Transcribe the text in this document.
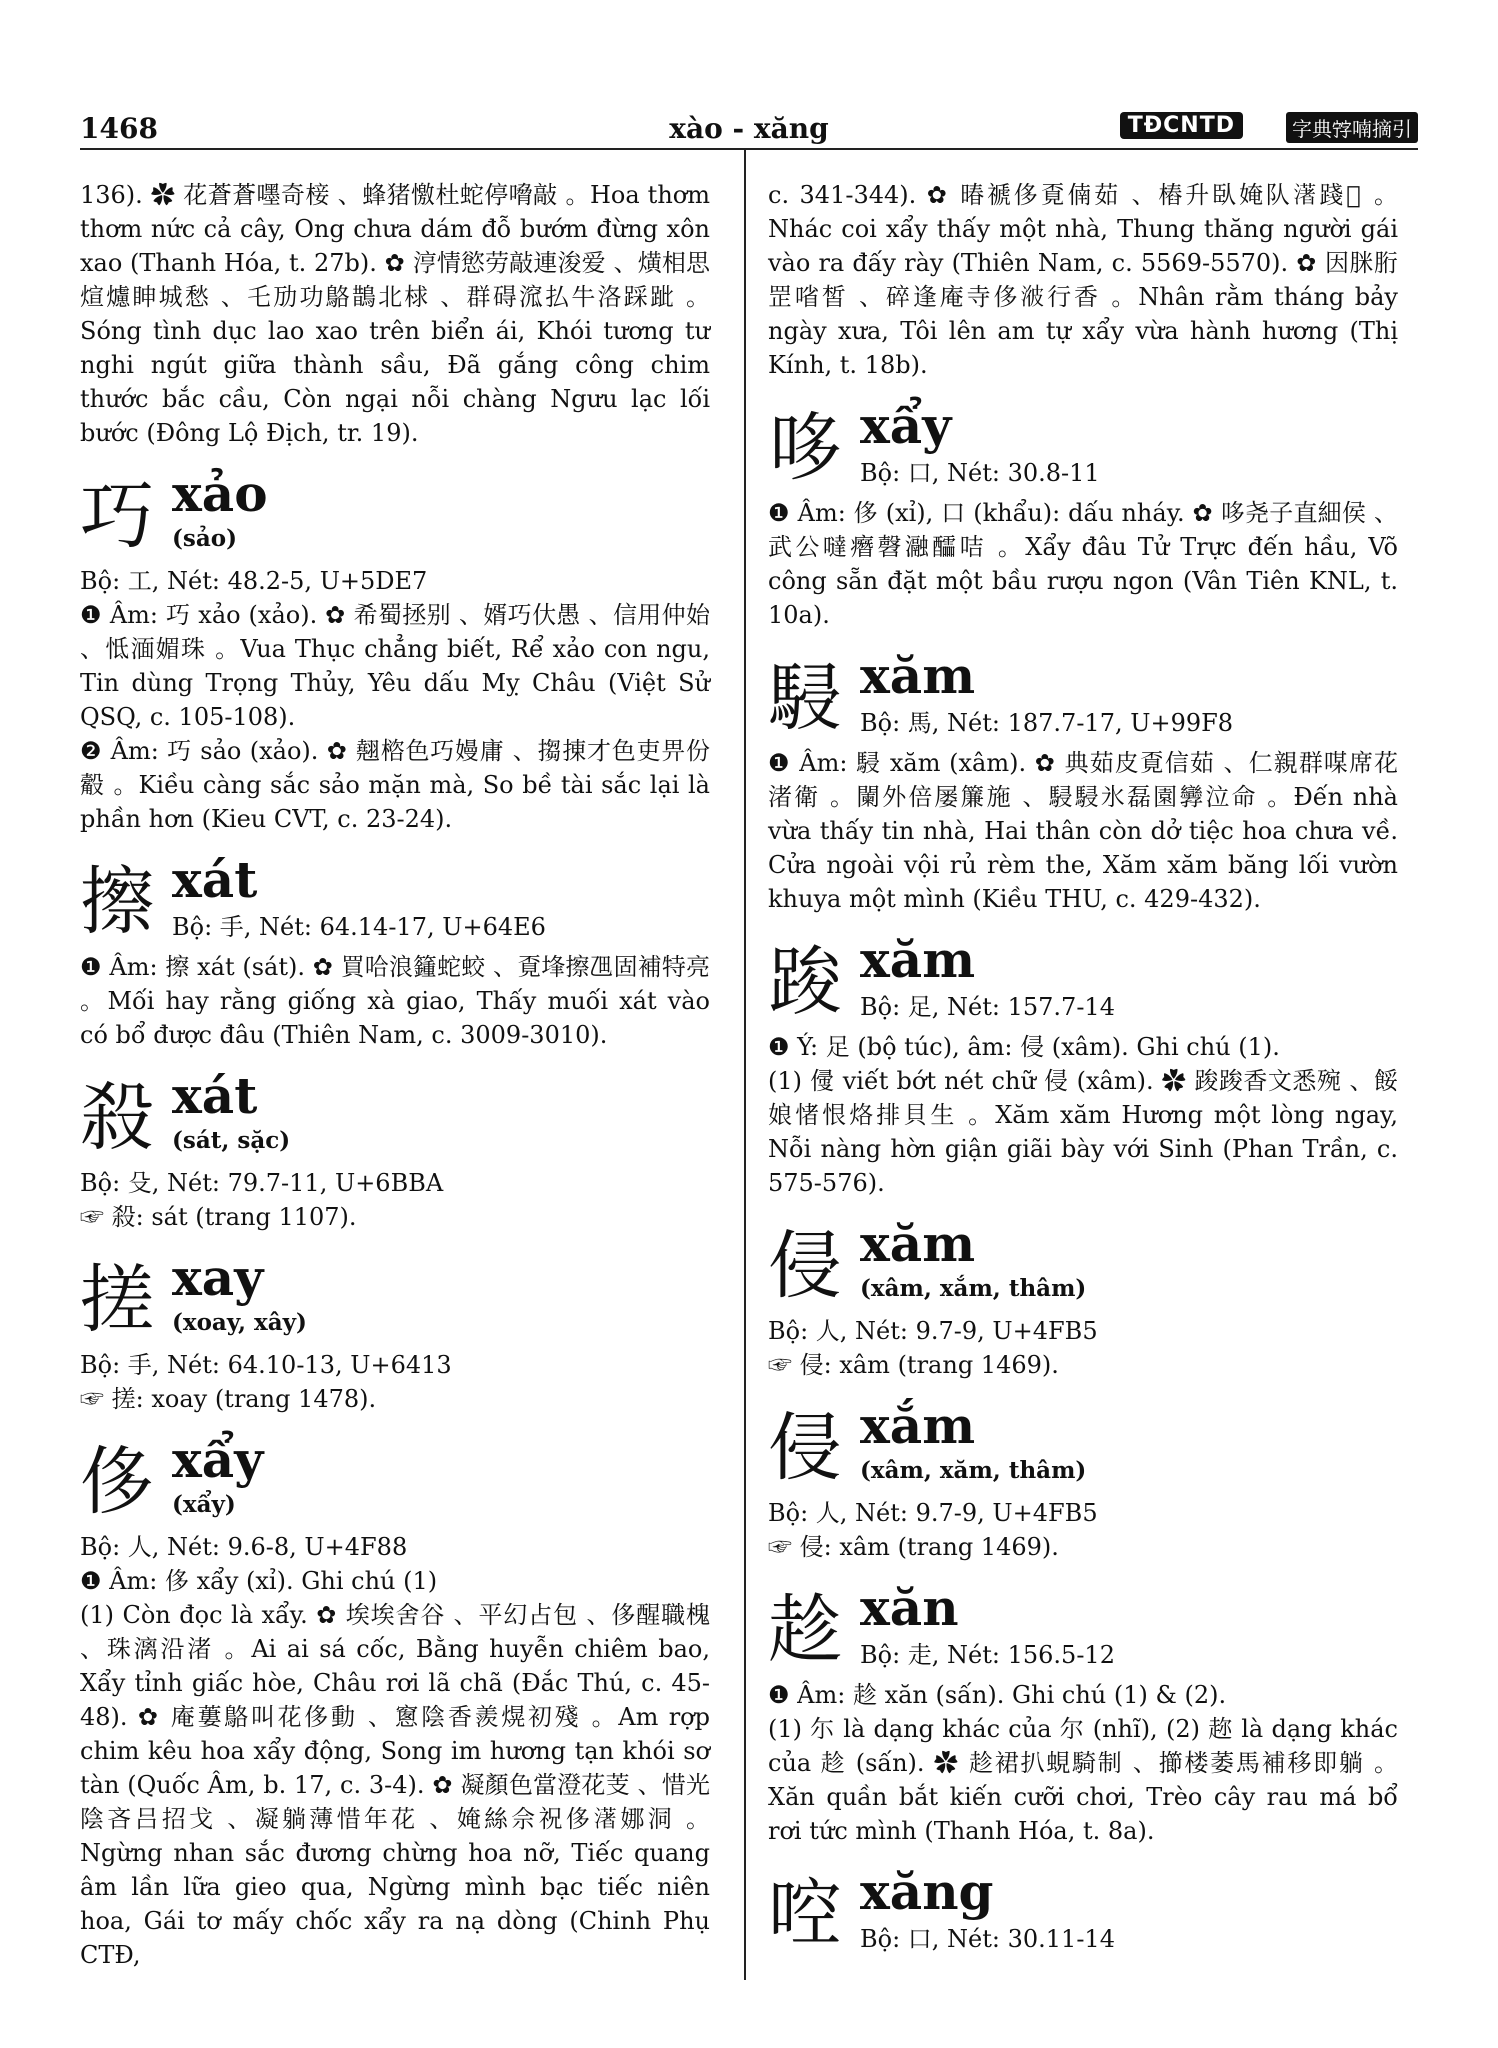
1468	xào - xăng	TĐCNTD	字典𡨸喃摘引

136). ✿ 花蒼蒼嚜奇椄 、蜂猪憿杜蛇停嗋敲 。Hoa thơm thơm nức cả cây, Ong chưa dám đỗ bướm đừng xôn xao (Thanh Hóa, t. 27b). ✿ 涥情慾劳敲連浚爱 、熿相思煊爈眒城愁 、乇劢功鴼鵲北梂 、群碍溛払牛洛踩跐 。Sóng tình dục lao xao trên biển ái, Khói tương tư nghi ngút giữa thành sầu, Đã gắng công chim thước bắc cầu, Còn ngại nỗi chàng Ngưu lạc lối bước (Đông Lộ Địch, tr. 19).

巧 xảo
(sảo)

Bộ: 工, Nét: 48.2-5, U+5DE7

❶ Âm: 巧 xảo (xảo). ✿ 希蜀拯别 、婿巧㐲愚 、信用仲始 、怟湎媚珠 。Vua Thục chẳng biết, Rể xảo con ngu, Tin dùng Trọng Thủy, Yêu dấu Mỵ Châu (Việt Sử QSQ, c. 105-108).

❷ Âm: 巧 sảo (xảo). ✿ 翹㮞色巧嫚庸 、搊㨂才色吏畀份觳 。Kiều càng sắc sảo mặn mà, So bề tài sắc lại là phần hơn (Kieu CVT, c. 23-24).

擦 xát
Bộ: 手, Nét: 64.14-17, U+64E6

❶ Âm: 擦 xát (sát). ✿ 買哈浪籦蛇蛟 、覔埄擦乪固補特亮 。Mối hay rằng giống xà giao, Thấy muối xát vào có bổ được đâu (Thiên Nam, c. 3009-3010).

殺 xát
(sát, sặc)

Bộ: 殳, Nét: 79.7-11, U+6BBA

☞ 殺: sát (trang 1107).

搓 xay
(xoay, xây)

Bộ: 手, Nét: 64.10-13, U+6413

☞ 搓: xoay (trang 1478).

侈 xẩy
(xẩy)

Bộ: 人, Nét: 9.6-8, U+4F88

❶ Âm: 侈 xẩy (xỉ). Ghi chú (1)

(1) Còn đọc là xẩy. ✿ 埃埃舍谷 、平幻占包 、侈醒職槐 、珠漓沿渚 。Ai ai sá cốc, Bằng huyễn chiêm bao, Xẩy tỉnh giấc hòe, Châu rơi lã chã (Đắc Thú, c. 45-48). ✿ 庵蔞鴼叫花侈動 、窻陰香羨熀初殘 。Am rợp chim kêu hoa xẩy động, Song im hương tạn khói sơ tàn (Quốc Âm, b. 17, c. 3-4). ✿ 凝顏色當澄花芰 、惜光陰吝吕招戈 、凝躺薄惜年花 、㛪絲佘祝侈𤀞娜洞 。Ngừng nhan sắc đương chừng hoa nỡ, Tiếc quang âm lần lữa gieo qua, Ngừng mình bạc tiếc niên hoa, Gái tơ mấy chốc xẩy ra nạ dòng (Chinh Phụ CTĐ,

c. 341-344). ✿ 暙禠侈覔㑲茹 、樁升臥㛪队𤀞踐𩙌 。Nhác coi xẩy thấy một nhà, Thung thăng người gái vào ra đấy rày (Thiên Nam, c. 5569-5570). ✿ 因脒胻罡㗂皙 、碎逢庵寺侈𣷭行香 。Nhân rằm tháng bảy ngày xưa, Tôi lên am tự xẩy vừa hành hương (Thị Kính, t. 18b).

哆 xẩy
Bộ: 口, Nét: 30.8-11

❶ Âm: 侈 (xỉ), 口 (khẩu): dấu nháy. ✿ 哆尧子直細侯 、武公噠㿊㲈瀜醽咭 。Xẩy đâu Tử Trực đến hầu, Võ công sẵn đặt một bầu rượu ngon (Vân Tiên KNL, t. 10a).

駸 xăm
Bộ: 馬, Nét: 187.7-17, U+99F8

❶ Âm: 駸 xăm (xâm). ✿ 典茹皮覔信茹 、仁親群㖼席花渚衛 。闌外倍屡簾施 、駸駸氷磊園㝈泣命 。Đến nhà vừa thấy tin nhà, Hai thân còn dở tiệc hoa chưa về. Cửa ngoài vội rủ rèm the, Xăm xăm băng lối vườn khuya một mình (Kiều THU, c. 429-432).

踆 xăm
Bộ: 足, Nét: 157.7-14

❶ Ý: 足 (bộ túc), âm: 侵 (xâm). Ghi chú (1).

(1) 㑴 viết bớt nét chữ 侵 (xâm). ✿ 踆踆香文悉㱧 、餒娘㥩恨烙排貝生 。Xăm xăm Hương một lòng ngay, Nỗi nàng hờn giận giãi bày với Sinh (Phan Trần, c. 575-576).

侵 xăm
(xâm, xắm, thâm)

Bộ: 人, Nét: 9.7-9, U+4FB5

☞ 侵: xâm (trang 1469).

侵 xắm
(xâm, xăm, thâm)

Bộ: 人, Nét: 9.7-9, U+4FB5

☞ 侵: xâm (trang 1469).

趁 xăn
Bộ: 走, Nét: 156.5-12

❶ Âm: 趁 xăn (sấn). Ghi chú (1) & (2).

(1) 尓 là dạng khác của 尔 (nhĩ), (2) 趂 là dạng khác của 趁 (sấn). ✿ 趁裙扒蜆騎制 、擳楼萎馬補移即躺 。Xăn quần bắt kiến cưỡi chơi, Trèo cây rau má bổ rơi tức mình (Thanh Hóa, t. 8a).

啌 xăng
Bộ: 口, Nét: 30.11-14
